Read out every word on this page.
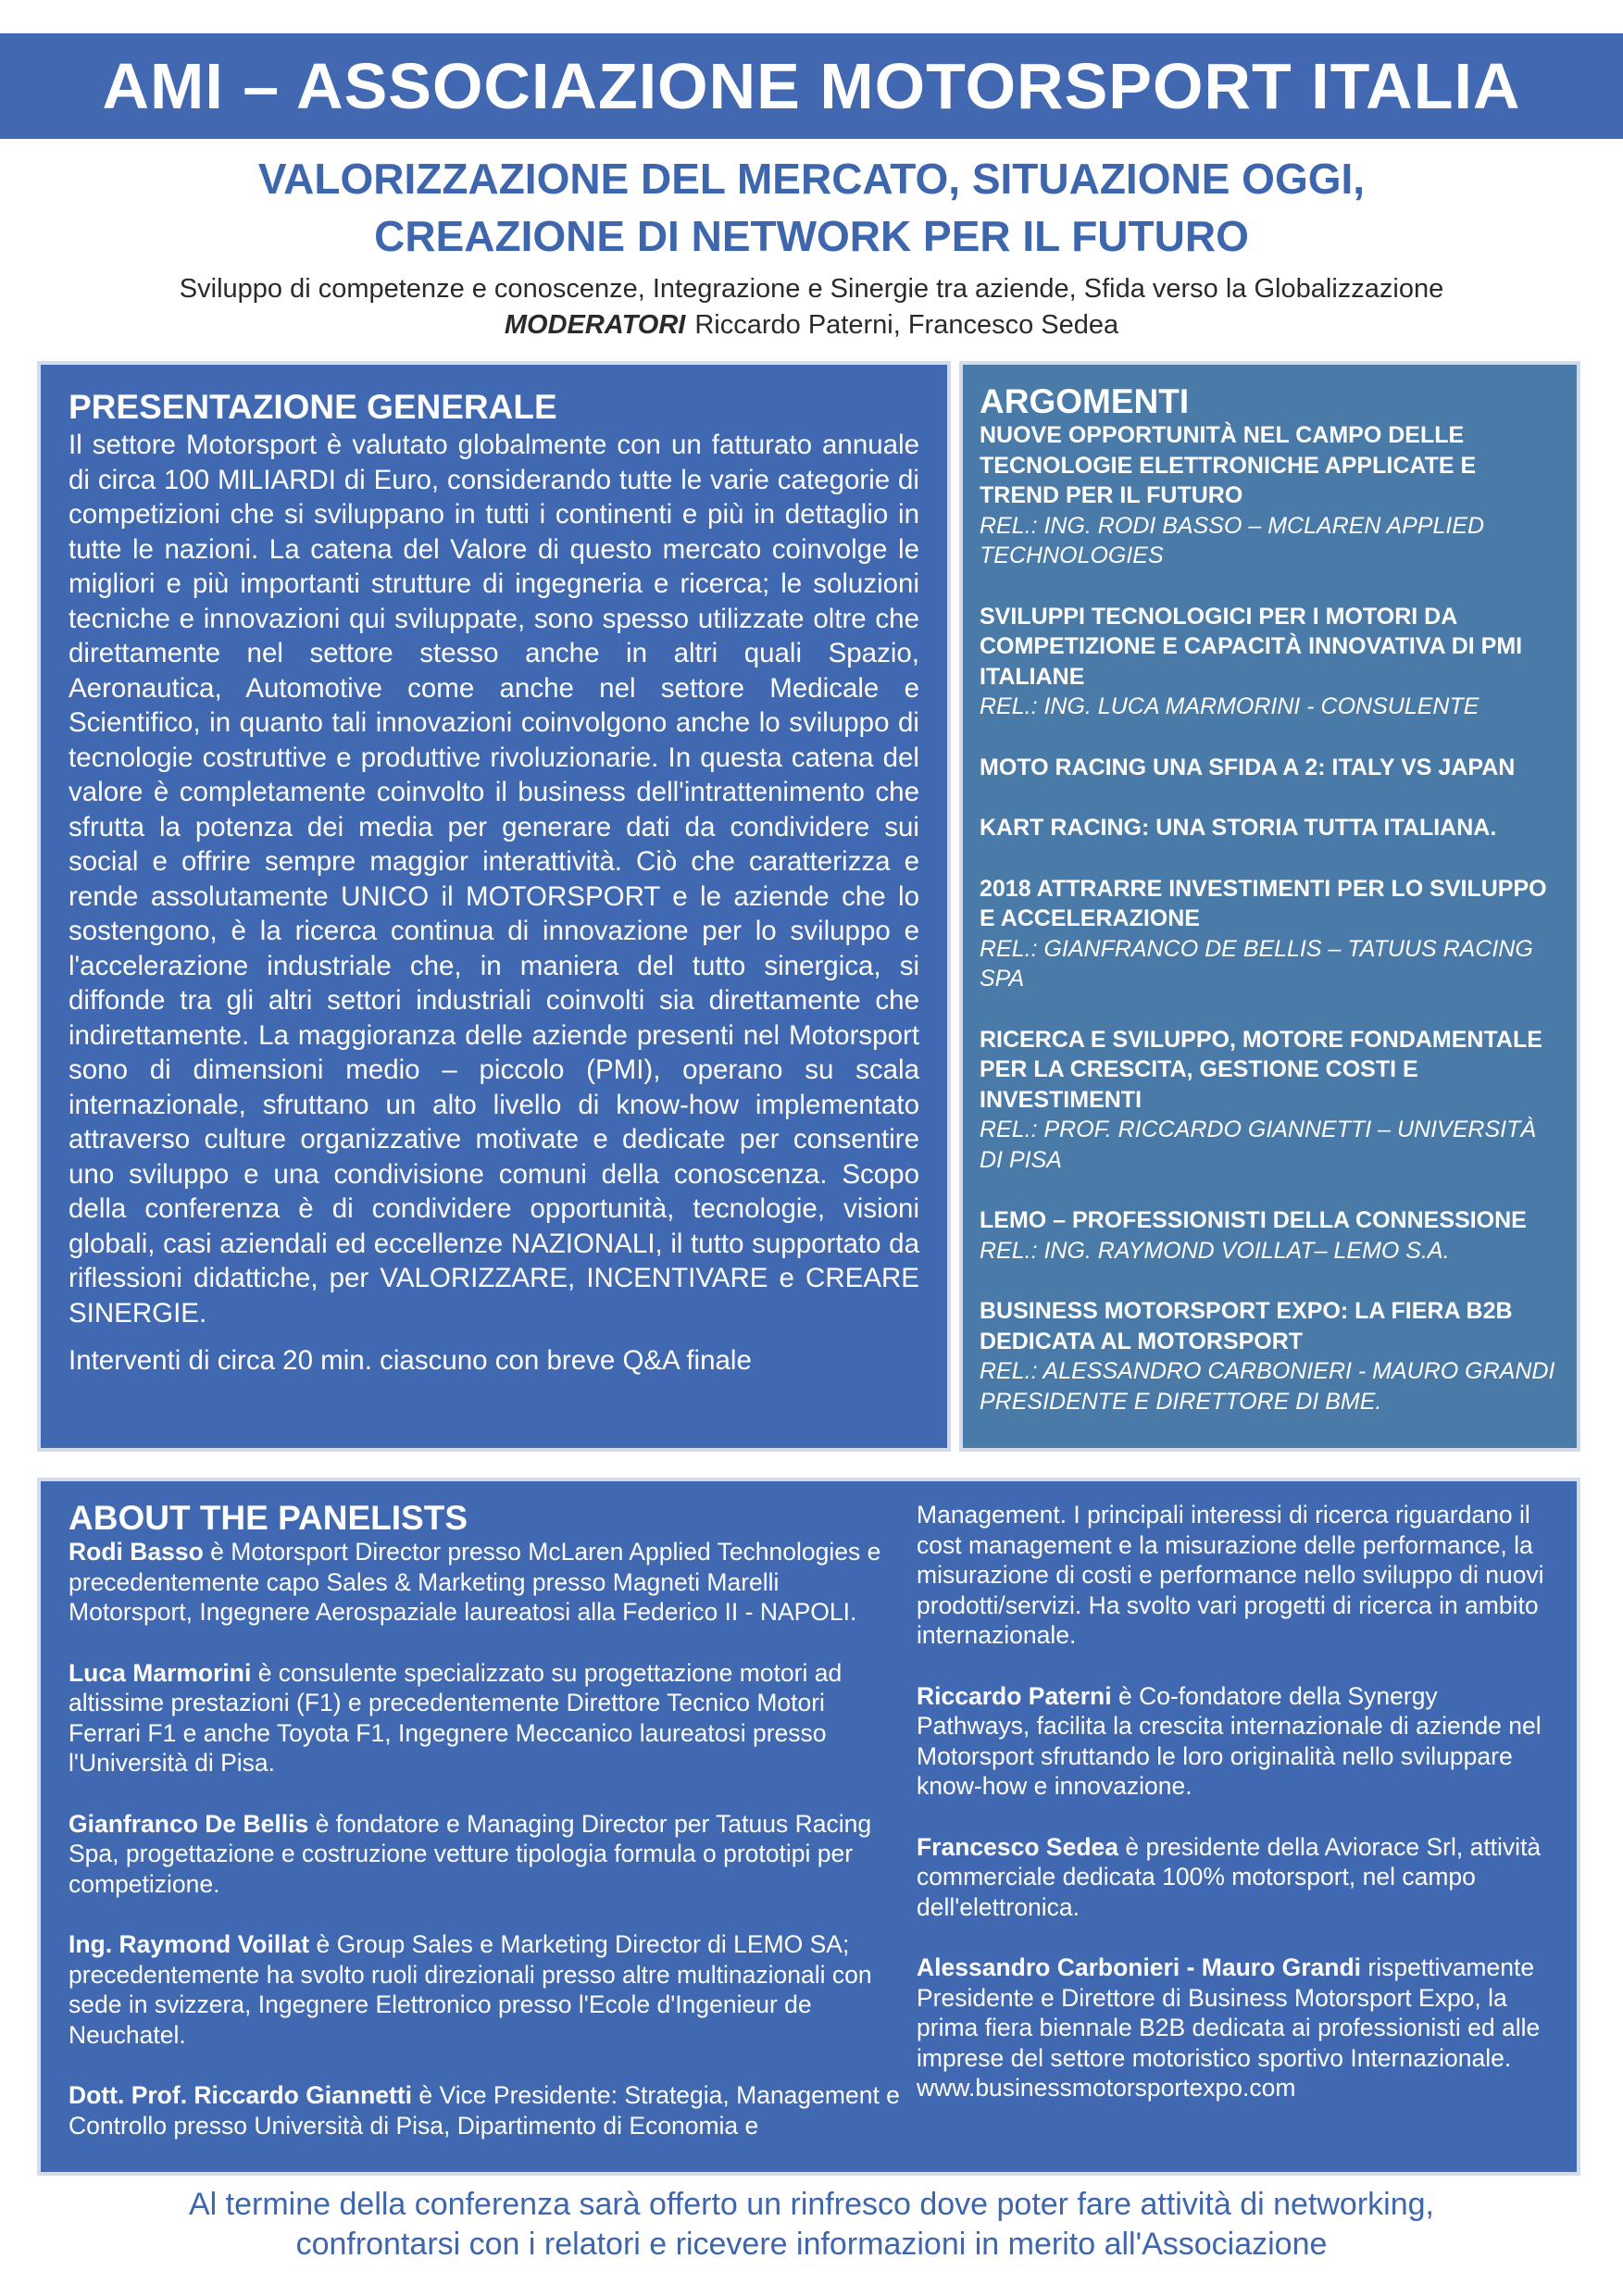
AMI – ASSOCIAZIONE MOTORSPORT ITALIA
VALORIZZAZIONE DEL MERCATO, SITUAZIONE OGGI,
CREAZIONE DI NETWORK PER IL FUTURO
Sviluppo di competenze e conoscenze, Integrazione e Sinergie tra aziende, Sfida verso la Globalizzazione
MODERATORI Riccardo Paterni, Francesco Sedea
PRESENTAZIONE GENERALE
Il settore Motorsport è valutato globalmente con un fatturato annuale di circa 100 MILIARDI di Euro, considerando tutte le varie categorie di competizioni che si sviluppano in tutti i continenti e più in dettaglio in tutte le nazioni. La catena del Valore di questo mercato coinvolge le migliori e più importanti strutture di ingegneria e ricerca; le soluzioni tecniche e innovazioni qui sviluppate, sono spesso utilizzate oltre che direttamente nel settore stesso anche in altri quali Spazio, Aeronautica, Automotive come anche nel settore Medicale e Scientifico, in quanto tali innovazioni coinvolgono anche lo sviluppo di tecnologie costruttive e produttive rivoluzionarie. In questa catena del valore è completamente coinvolto il business dell'intrattenimento che sfrutta la potenza dei media per generare dati da condividere sui social e offrire sempre maggior interattività. Ciò che caratterizza e rende assolutamente UNICO il MOTORSPORT e le aziende che lo sostengono, è la ricerca continua di innovazione per lo sviluppo e l'accelerazione industriale che, in maniera del tutto sinergica, si diffonde tra gli altri settori industriali coinvolti sia direttamente che indirettamente. La maggioranza delle aziende presenti nel Motorsport sono di dimensioni medio – piccolo (PMI), operano su scala internazionale, sfruttano un alto livello di know-how implementato attraverso culture organizzative motivate e dedicate per consentire uno sviluppo e una condivisione comuni della conoscenza. Scopo della conferenza è di condividere opportunità, tecnologie, visioni globali, casi aziendali ed eccellenze NAZIONALI, il tutto supportato da riflessioni didattiche, per VALORIZZARE, INCENTIVARE e CREARE SINERGIE.
Interventi di circa 20 min. ciascuno con breve Q&A finale
ARGOMENTI
NUOVE OPPORTUNITÀ NEL CAMPO DELLE TECNOLOGIE ELETTRONICHE APPLICATE E TREND PER IL FUTURO
REL.: ING. RODI BASSO – MCLAREN APPLIED TECHNOLOGIES
SVILUPPI TECNOLOGICI PER I MOTORI DA COMPETIZIONE E CAPACITÀ INNOVATIVA DI PMI ITALIANE
REL.: ING. LUCA MARMORINI - CONSULENTE
MOTO RACING UNA SFIDA A 2: ITALY VS JAPAN
KART RACING: UNA STORIA TUTTA ITALIANA.
2018 ATTRARRE INVESTIMENTI PER LO SVILUPPO E ACCELERAZIONE
REL.: GIANFRANCO DE BELLIS – TATUUS RACING SPA
RICERCA E SVILUPPO, MOTORE FONDAMENTALE PER LA CRESCITA, GESTIONE COSTI E INVESTIMENTI
REL.: PROF. RICCARDO GIANNETTI – UNIVERSITÀ DI PISA
LEMO – PROFESSIONISTI DELLA CONNESSIONE
REL.: ING. RAYMOND VOILLAT– LEMO S.A.
BUSINESS MOTORSPORT EXPO: LA FIERA B2B DEDICATA AL MOTORSPORT
REL.: ALESSANDRO CARBONIERI - MAURO GRANDI PRESIDENTE E DIRETTORE DI BME.
ABOUT THE PANELISTS
Rodi Basso è Motorsport Director presso McLaren Applied Technologies e precedentemente capo Sales & Marketing presso Magneti Marelli Motorsport, Ingegnere Aerospaziale laureatosi alla Federico II - NAPOLI.
Luca Marmorini è consulente specializzato su progettazione motori ad altissime prestazioni (F1) e precedentemente Direttore Tecnico Motori Ferrari F1 e anche Toyota F1, Ingegnere Meccanico laureatosi presso l'Università di Pisa.
Gianfranco De Bellis è fondatore e Managing Director per Tatuus Racing Spa, progettazione e costruzione vetture tipologia formula o prototipi per competizione.
Ing. Raymond Voillat è Group Sales e Marketing Director di LEMO SA; precedentemente ha svolto ruoli direzionali presso altre multinazionali con sede in svizzera, Ingegnere Elettronico presso l'Ecole d'Ingenieur de Neuchatel.
Dott. Prof. Riccardo Giannetti è Vice Presidente: Strategia, Management e Controllo presso Università di Pisa, Dipartimento di Economia e
Management. I principali interessi di ricerca riguardano il cost management e la misurazione delle performance, la misurazione di costi e performance nello sviluppo di nuovi prodotti/servizi. Ha svolto vari progetti di ricerca in ambito internazionale.
Riccardo Paterni è Co-fondatore della Synergy Pathways, facilita la crescita internazionale di aziende nel Motorsport sfruttando le loro originalità nello sviluppare know-how e innovazione.
Francesco Sedea è presidente della Aviorace Srl, attività commerciale dedicata 100% motorsport, nel campo dell'elettronica.
Alessandro Carbonieri - Mauro Grandi rispettivamente Presidente e Direttore di Business Motorsport Expo, la prima fiera biennale B2B dedicata ai professionisti ed alle imprese del settore motoristico sportivo Internazionale. www.businessmotorsportexpo.com
Al termine della conferenza sarà offerto un rinfresco dove poter fare attività di networking,
confrontarsi con i relatori e ricevere informazioni in merito all'Associazione
